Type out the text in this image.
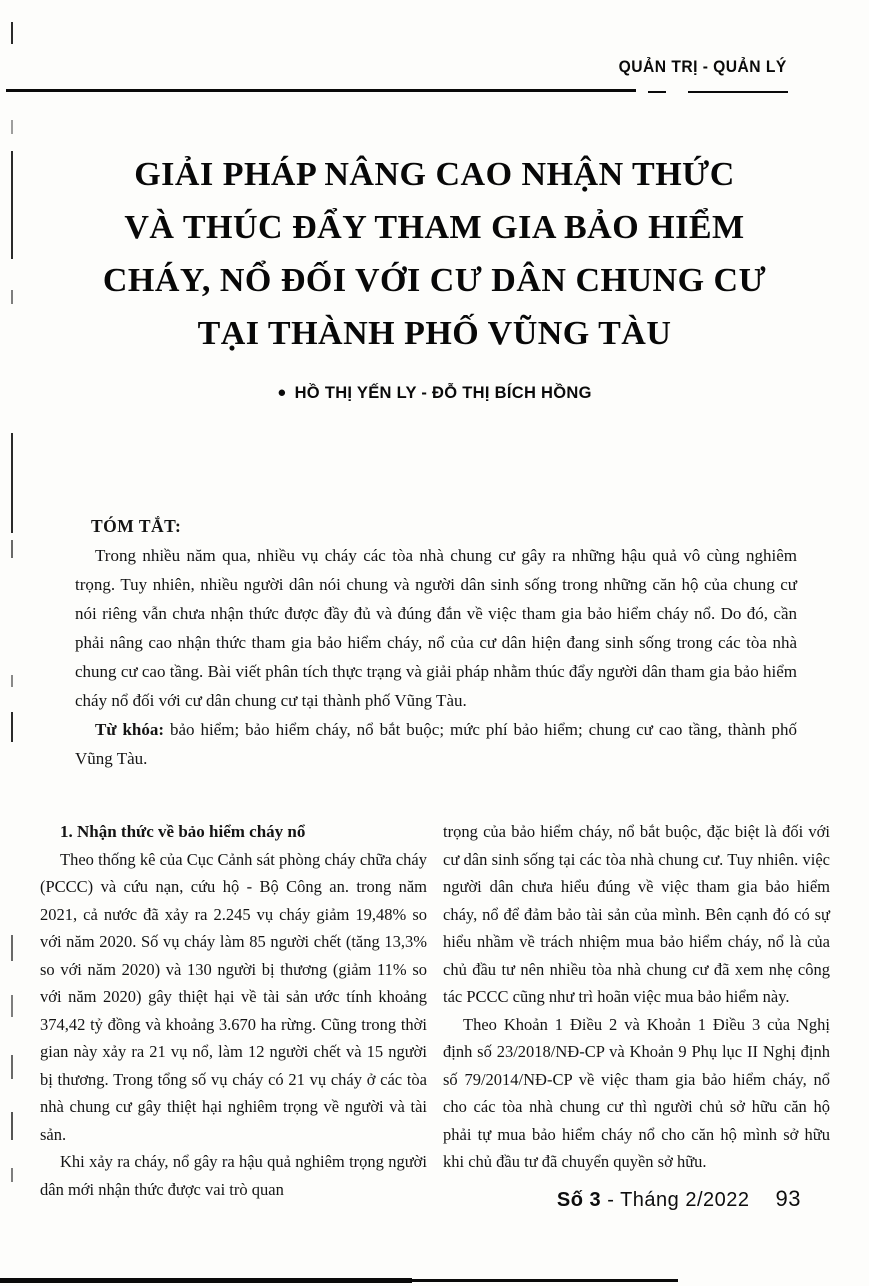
QUẢN TRỊ - QUẢN LÝ
GIẢI PHÁP NÂNG CAO NHẬN THỨC
VÀ THÚC ĐẨY THAM GIA BẢO HIỂM
CHÁY, NỔ ĐỐI VỚI CƯ DÂN CHUNG CƯ
TẠI THÀNH PHỐ VŨNG TÀU
● HỒ THỊ YẾN LY - ĐỖ THỊ BÍCH HỒNG

TÓM TẮT:

Trong nhiều năm qua, nhiều vụ cháy các tòa nhà chung cư gây ra những hậu quả vô cùng nghiêm trọng. Tuy nhiên, nhiều người dân nói chung và người dân sinh sống trong những căn hộ của chung cư nói riêng vẫn chưa nhận thức được đầy đủ và đúng đắn về việc tham gia bảo hiểm cháy nổ. Do đó, cần phải nâng cao nhận thức tham gia bảo hiểm cháy, nổ của cư dân hiện đang sinh sống trong các tòa nhà chung cư cao tầng. Bài viết phân tích thực trạng và giải pháp nhằm thúc đẩy người dân tham gia bảo hiểm cháy nổ đối với cư dân chung cư tại thành phố Vũng Tàu.

Từ khóa: bảo hiểm; bảo hiểm cháy, nổ bắt buộc; mức phí bảo hiểm; chung cư cao tầng, thành phố Vũng Tàu.

1. Nhận thức về bảo hiểm cháy nổ

Theo thống kê của Cục Cảnh sát phòng cháy chữa cháy (PCCC) và cứu nạn, cứu hộ - Bộ Công an. trong năm 2021, cả nước đã xảy ra 2.245 vụ cháy giảm 19,48% so với năm 2020. Số vụ cháy làm 85 người chết (tăng 13,3% so với năm 2020) và 130 người bị thương (giảm 11% so với năm 2020) gây thiệt hại về tài sản ước tính khoảng 374,42 tỷ đồng và khoảng 3.670 ha rừng. Cũng trong thời gian này xảy ra 21 vụ nổ, làm 12 người chết và 15 người bị thương. Trong tổng số vụ cháy có 21 vụ cháy ở các tòa nhà chung cư gây thiệt hại nghiêm trọng về người và tài sản.

Khi xảy ra cháy, nổ gây ra hậu quả nghiêm trọng người dân mới nhận thức được vai trò quan

trọng của bảo hiểm cháy, nổ bắt buộc, đặc biệt là đối với cư dân sinh sống tại các tòa nhà chung cư. Tuy nhiên. việc người dân chưa hiểu đúng về việc tham gia bảo hiểm cháy, nổ để đảm bảo tài sản của mình. Bên cạnh đó có sự hiểu nhầm về trách nhiệm mua bảo hiểm cháy, nổ là của chủ đầu tư nên nhiều tòa nhà chung cư đã xem nhẹ công tác PCCC cũng như trì hoãn việc mua bảo hiểm này.

Theo Khoản 1 Điều 2 và Khoản 1 Điều 3 của Nghị định số 23/2018/NĐ-CP và Khoản 9 Phụ lục II Nghị định số 79/2014/NĐ-CP về việc tham gia bảo hiểm cháy, nổ cho các tòa nhà chung cư thì người chủ sở hữu căn hộ phải tự mua bảo hiểm cháy nổ cho căn hộ mình sở hữu khi chủ đầu tư đã chuyển quyền sở hữu.

Số 3 - Tháng 2/2022 93
